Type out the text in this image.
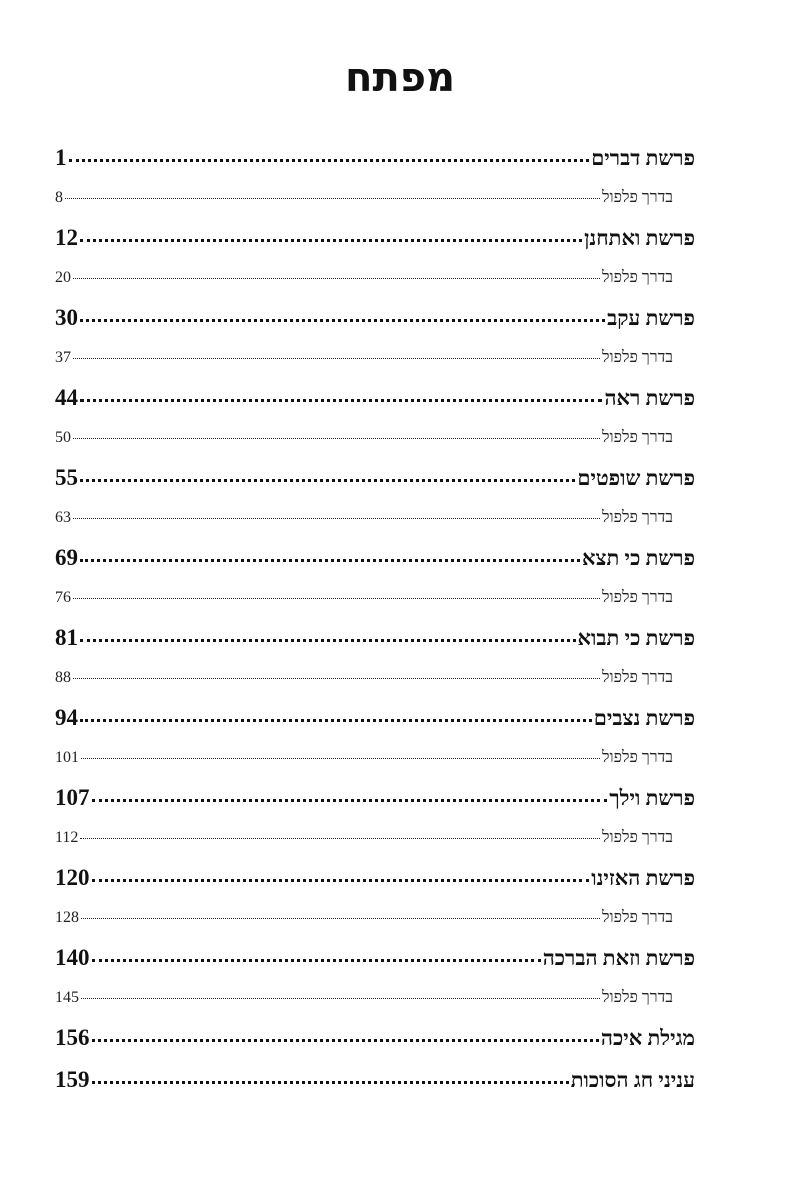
מפתח
פרשת דברים
1
בדרך פלפול
8
פרשת ואתחנן
12
בדרך פלפול
20
פרשת עקב
30
בדרך פלפול
37
פרשת ראה
44
בדרך פלפול
50
פרשת שופטים
55
בדרך פלפול
63
פרשת כי תצא
69
בדרך פלפול
76
פרשת כי תבוא
81
בדרך פלפול
88
פרשת נצבים
94
בדרך פלפול
101
פרשת וילך
107
בדרך פלפול
112
פרשת האזינו
120
בדרך פלפול
128
פרשת וזאת הברכה
140
בדרך פלפול
145
מגילת איכה
156
עניני חג הסוכות
159
